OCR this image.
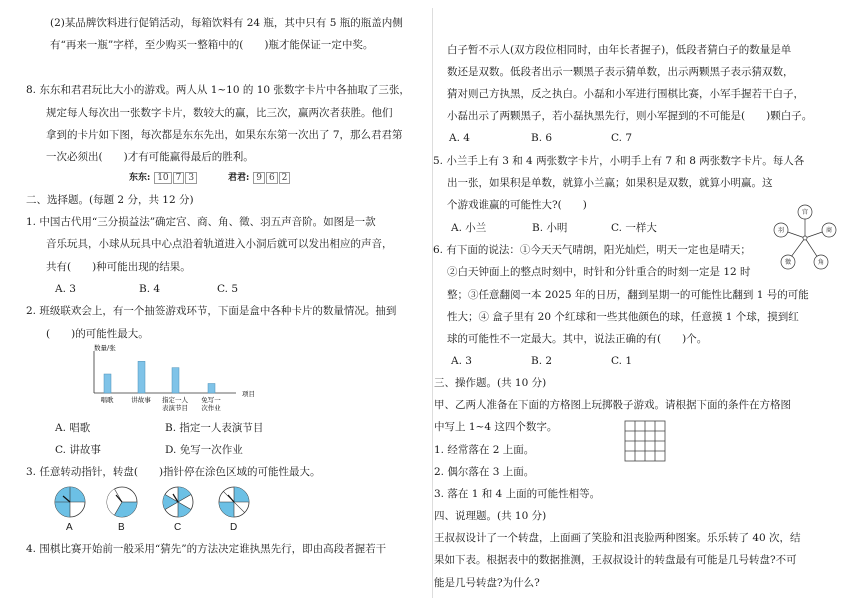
(2)某品牌饮料进行促销活动，每箱饮料有 24 瓶，其中只有 5 瓶的瓶盖内侧
有“再来一瓶”字样，至少购买一整箱中的(　　)瓶才能保证一定中奖。
8. 东东和君君玩比大小的游戏。两人从 1~10 的 10 张数字卡片中各抽取了三张，
规定每人每次出一张数字卡片，数较大的赢，比三次，赢两次者获胜。他们
拿到的卡片如下图，每次都是东东先出，如果东东第一次出了 7，那么君君第
一次必须出(　　)才有可能赢得最后的胜利。
东东: 10 7 3	君君: 9 6 2
二、选择题。(每题 2 分，共 12 分)
1. 中国古代用“三分损益法”确定宫、商、角、徵、羽五声音阶。如图是一款
音乐玩具，小球从玩具中心点沿着轨道进入小洞后就可以发出相应的声音，
共有(　　)种可能出现的结果。
A. 3	B. 4	C. 5
2. 班级联欢会上，有一个抽签游戏环节，下面是盒中各种卡片的数量情况。抽到
(　　)的可能性最大。
数量/张
项目
唱歌	讲故事 指定一人
表演节目
免写一
次作业
A. 唱歌	B. 指定一人表演节目
C. 讲故事	D. 免写一次作业
3. 任意转动指针，转盘(　　)指针停在涂色区域的可能性最大。
A	B	C	D
4. 围棋比赛开始前一般采用“猜先”的方法决定谁执黑先行，即由高段者握若干
白子暂不示人(双方段位相同时，由年长者握子)，低段者猜白子的数量是单
数还是双数。低段者出示一颗黑子表示猜单数，出示两颗黑子表示猜双数，
猜对则己方执黑，反之执白。小磊和小军进行围棋比赛，小军手握若干白子，
小磊出示了两颗黑子，若小磊执黑先行，则小军握到的不可能是(　　)颗白子。
A. 4	B. 6	C. 7
5. 小兰手上有 3 和 4 两张数字卡片，小明手上有 7 和 8 两张数字卡片。每人各
出一张，如果积是单数，就算小兰赢；如果积是双数，就算小明赢。这
个游戏谁赢的可能性大?(　　)
A. 小兰	B. 小明	C. 一样大
6. 有下面的说法：①今天天气晴朗，阳光灿烂，明天一定也是晴天；
②白天钟面上的整点时刻中，时针和分针重合的时刻一定是 12 时
整；③任意翻阅一本 2025 年的日历，翻到星期一的可能性比翻到 1 号的可能
性大；④ 盒子里有 20 个红球和一些其他颜色的球，任意摸 1 个球，摸到红
球的可能性不一定最大。其中，说法正确的有(　　)个。
A. 3	B. 2	C. 1
宫
商
角
徵
羽
三、操作题。(共 10 分)
甲、乙两人准备在下面的方格图上玩掷骰子游戏。请根据下面的条件在方格图
中写上 1~4 这四个数字。
1. 经常落在 2 上面。
2. 偶尔落在 3 上面。
3. 落在 1 和 4 上面的可能性相等。
四、说理题。(共 10 分)
王叔叔设计了一个转盘，上面画了笑脸和沮丧脸两种图案。乐乐转了 40 次，结
果如下表。根据表中的数据推测，王叔叔设计的转盘最有可能是几号转盘?不可
能是几号转盘?为什么?
